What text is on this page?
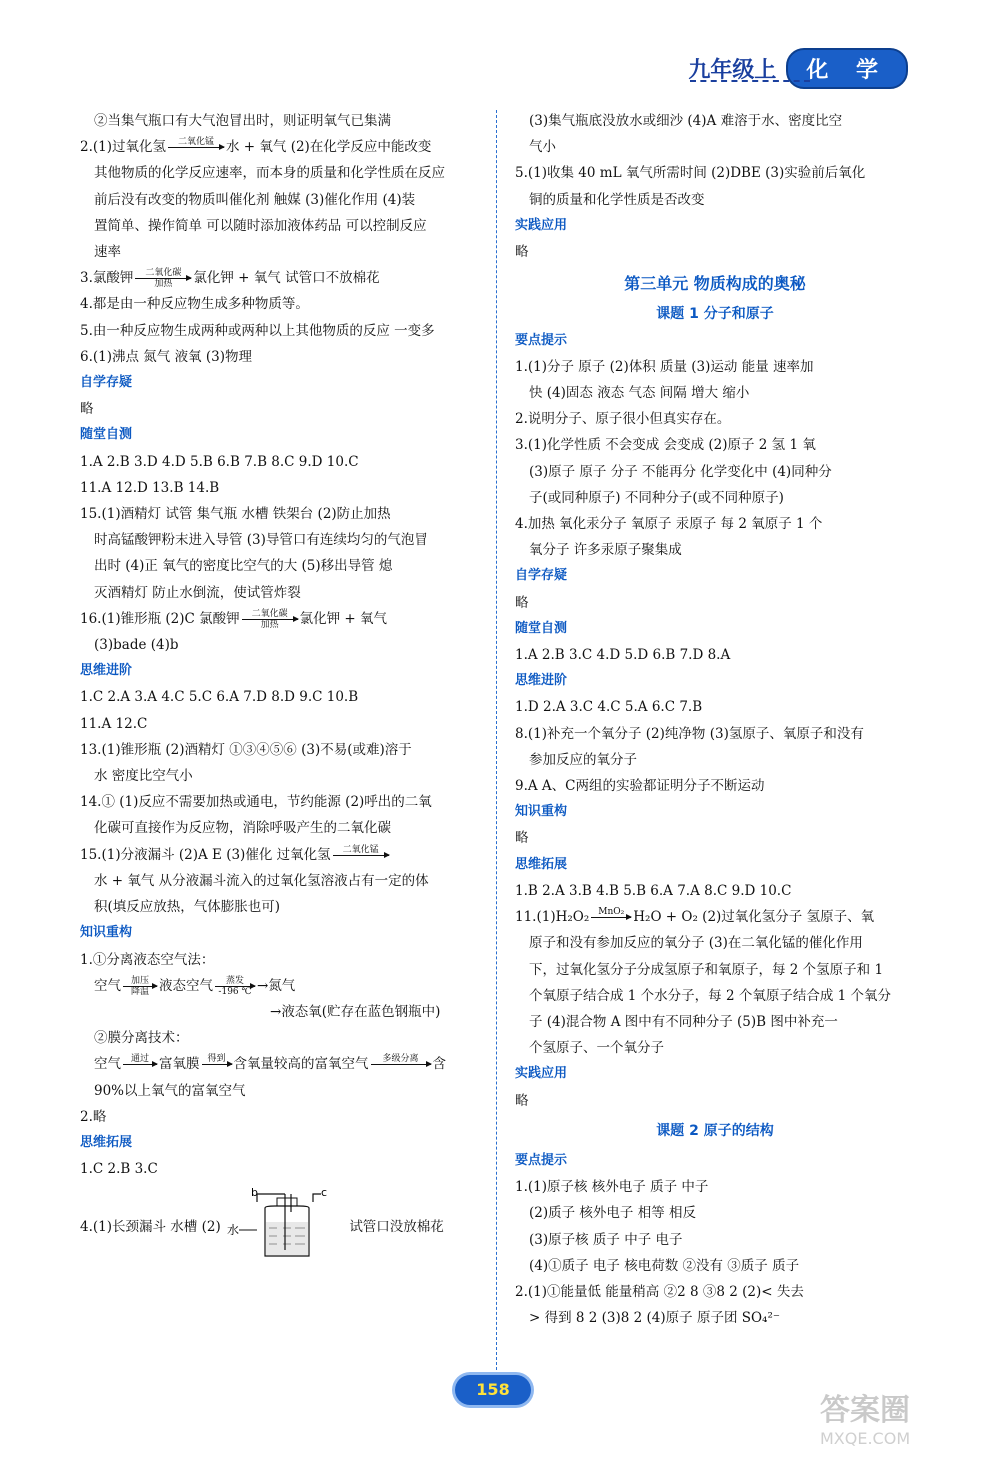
九年级上	化 学
②当集气瓶口有大气泡冒出时，则证明氧气已集满
2.(1)过氧化氢	二氧化锰
水 + 氧气 (2)在化学反应中能改变
其他物质的化学反应速率，而本身的质量和化学性质在反应
前后没有改变的物质叫催化剂 触媒 (3)催化作用 (4)装
置简单、操作简单 可以随时添加液体药品 可以控制反应
速率
3.氯酸钾	二氧化碳
加热	氯化钾 + 氧气 试管口不放棉花
4.都是由一种反应物生成多种物质等。
5.由一种反应物生成两种或两种以上其他物质的反应 一变多
6.(1)沸点 氮气 液氧 (3)物理
自学存疑
略
随堂自测
1.A 2.B 3.D 4.D 5.B 6.B 7.B 8.C 9.D 10.C
11.A 12.D 13.B 14.B
15.(1)酒精灯 试管 集气瓶 水槽 铁架台 (2)防止加热
时高锰酸钾粉末进入导管 (3)导管口有连续均匀的气泡冒
出时 (4)正 氧气的密度比空气的大 (5)移出导管 熄
灭酒精灯 防止水倒流，使试管炸裂
16.(1)锥形瓶 (2)C 氯酸钾	二氧化碳
加热	氯化钾 + 氧气
(3)bade (4)b
思维进阶
1.C 2.A 3.A 4.C 5.C 6.A 7.D 8.D 9.C 10.B
11.A 12.C
13.(1)锥形瓶 (2)酒精灯 ①③④⑤⑥ (3)不易(或难)溶于
水 密度比空气小
14.① (1)反应不需要加热或通电，节约能源 (2)呼出的二氧
化碳可直接作为反应物，消除呼吸产生的二氧化碳
15.(1)分液漏斗 (2)A E (3)催化 过氧化氢	二氧化锰

水 + 氧气 从分液漏斗流入的过氧化氢溶液占有一定的体
积(填反应放热，气体膨胀也可)
知识重构
1.①分离液态空气法：
空气	加压
降温 液态空气	蒸发
-196 ℃ →氮气
→液态氧(贮存在蓝色钢瓶中)
②膜分离技术：
空气	通过
富氧膜 得到
含氧量较高的富氧空气	多级分离
	含
90%以上氧气的富氧空气
2.略
思维拓展
1.C 2.B 3.C
4.(1)长颈漏斗 水槽 (2) 水
b	c
试管口没放棉花
(3)集气瓶底没放水或细沙 (4)A 难溶于水、密度比空
气小
5.(1)收集 40 mL 氧气所需时间 (2)DBE (3)实验前后氧化
铜的质量和化学性质是否改变
实践应用
略
第三单元 物质构成的奥秘
课题 1 分子和原子
要点提示
1.(1)分子 原子 (2)体积 质量 (3)运动 能量 速率加
快 (4)固态 液态 气态 间隔 增大 缩小
2.说明分子、原子很小但真实存在。
3.(1)化学性质 不会变成 会变成 (2)原子 2 氢 1 氧
(3)原子 原子 分子 不能再分 化学变化中 (4)同种分
子(或同种原子) 不同种分子(或不同种原子)
4.加热 氧化汞分子 氧原子 汞原子 每 2 氧原子 1 个
氧分子 许多汞原子聚集成
自学存疑
略
随堂自测
1.A 2.B 3.C 4.D 5.D 6.B 7.D 8.A
思维进阶
1.D 2.A 3.C 4.C 5.A 6.C 7.B
8.(1)补充一个氧分子 (2)纯净物 (3)氢原子、氧原子和没有
参加反应的氧分子
9.A A、C两组的实验都证明分子不断运动
知识重构
略
思维拓展
1.B 2.A 3.B 4.B 5.B 6.A 7.A 8.C 9.D 10.C
11.(1)H₂O₂	MnO₂
H₂O + O₂ (2)过氧化氢分子 氢原子、氧
原子和没有参加反应的氧分子 (3)在二氧化锰的催化作用
下，过氧化氢分子分成氢原子和氧原子，每 2 个氢原子和 1
个氧原子结合成 1 个水分子，每 2 个氧原子结合成 1 个氧分
子 (4)混合物 A 图中有不同种分子 (5)B 图中补充一
个氢原子、一个氧分子
实践应用
略
课题 2 原子的结构
要点提示
1.(1)原子核 核外电子 质子 中子
(2)质子 核外电子 相等 相反
(3)原子核 质子 中子 电子
(4)①质子 电子 核电荷数 ②没有 ③质子 质子
2.(1)①能量低 能量稍高 ②2 8 ③8 2 (2)< 失去
> 得到 8 2 (3)8 2 (4)原子 原子团 SO₄²⁻
158
答案圈
MXQE.COM
